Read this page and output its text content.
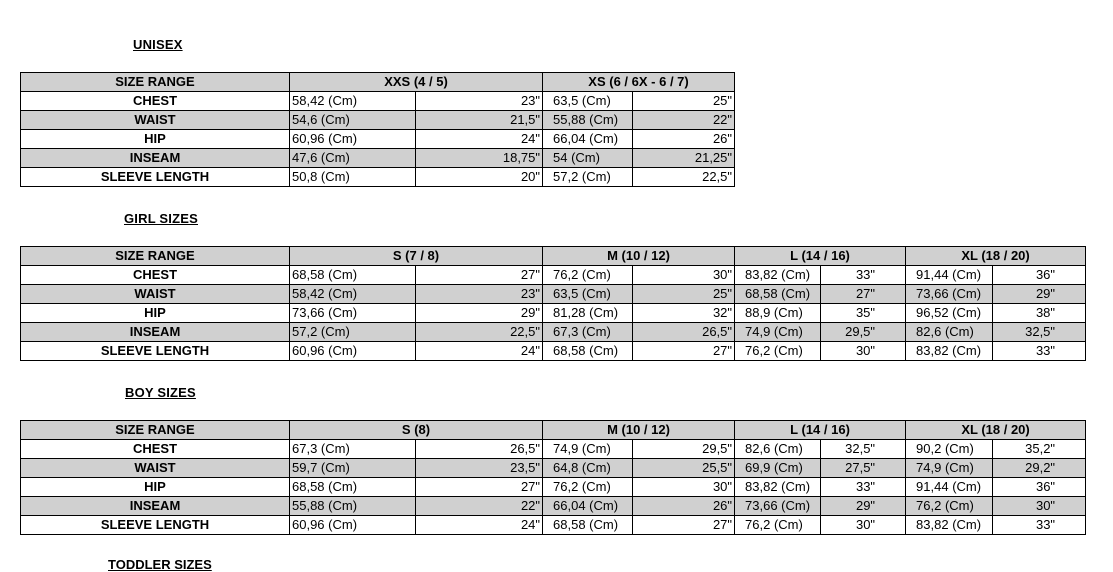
UNISEX
SIZE RANGE	XXS (4 / 5)		XS (6 / 6X - 6 / 7)	
CHEST	58,42 (Cm)	23"	63,5 (Cm)	25"
WAIST	54,6 (Cm)	21,5"	55,88 (Cm)	22"
HIP	60,96 (Cm)	24"	66,04 (Cm)	26"
INSEAM	47,6 (Cm)	18,75"	54 (Cm)	21,25"
SLEEVE LENGTH	50,8 (Cm)	20"	57,2 (Cm)	22,5"
GIRL SIZES
SIZE RANGE	S (7 / 8)		M (10 / 12)		L (14 / 16)		XL (18 / 20)	
CHEST	68,58 (Cm)	27"	76,2 (Cm)	30"	83,82 (Cm)	33"	91,44 (Cm)	36"
WAIST	58,42 (Cm)	23"	63,5 (Cm)	25"	68,58 (Cm)	27"	73,66 (Cm)	29"
HIP	73,66 (Cm)	29"	81,28 (Cm)	32"	88,9 (Cm)	35"	96,52 (Cm)	38"
INSEAM	57,2 (Cm)	22,5"	67,3 (Cm)	26,5"	74,9 (Cm)	29,5"	82,6 (Cm)	32,5"
SLEEVE LENGTH	60,96 (Cm)	24"	68,58 (Cm)	27"	76,2 (Cm)	30"	83,82 (Cm)	33"
BOY SIZES
SIZE RANGE	S (8)		M (10 / 12)		L (14 / 16)		XL (18 / 20)	
CHEST	67,3 (Cm)	26,5"	74,9 (Cm)	29,5"	82,6 (Cm)	32,5"	90,2 (Cm)	35,2"
WAIST	59,7 (Cm)	23,5"	64,8 (Cm)	25,5"	69,9 (Cm)	27,5"	74,9 (Cm)	29,2"
HIP	68,58 (Cm)	27"	76,2 (Cm)	30"	83,82 (Cm)	33"	91,44 (Cm)	36"
INSEAM	55,88 (Cm)	22"	66,04 (Cm)	26"	73,66 (Cm)	29"	76,2 (Cm)	30"
SLEEVE LENGTH	60,96 (Cm)	24"	68,58 (Cm)	27"	76,2 (Cm)	30"	83,82 (Cm)	33"
TODDLER SIZES
